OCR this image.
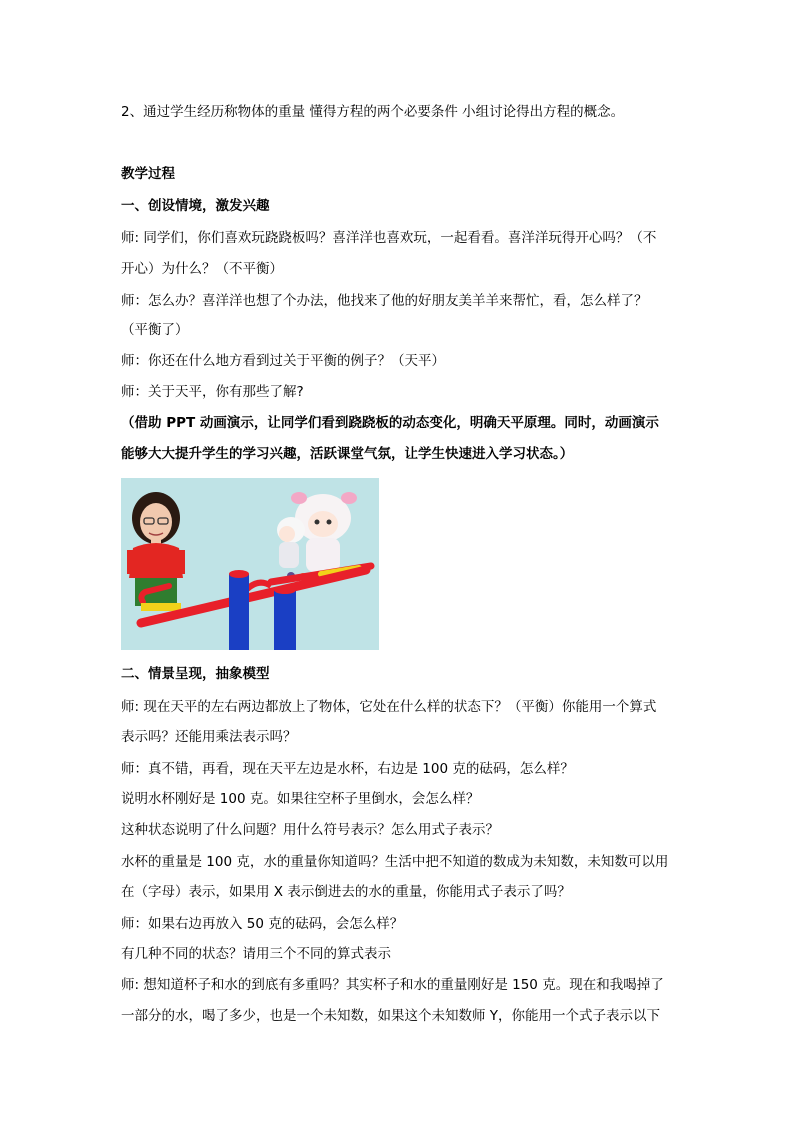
2、通过学生经历称物体的重量 懂得方程的两个必要条件 小组讨论得出方程的概念。
教学过程
一、创设情境，激发兴趣
师: 同学们，你们喜欢玩跷跷板吗？喜洋洋也喜欢玩，一起看看。喜洋洋玩得开心吗？（不
开心）为什么？（不平衡）
师：怎么办？喜洋洋也想了个办法，他找来了他的好朋友美羊羊来帮忙，看，怎么样了？
（平衡了）
师：你还在什么地方看到过关于平衡的例子？（天平）
师：关于天平，你有那些了解?
（借助 PPT 动画演示，让同学们看到跷跷板的动态变化，明确天平原理。同时，动画演示
能够大大提升学生的学习兴趣，活跃课堂气氛，让学生快速进入学习状态。）
二、情景呈现，抽象模型
师: 现在天平的左右两边都放上了物体，它处在什么样的状态下？（平衡）你能用一个算式
表示吗？还能用乘法表示吗？
师：真不错，再看，现在天平左边是水杯，右边是 100 克的砝码，怎么样？
说明水杯刚好是 100 克。如果往空杯子里倒水，会怎么样？
这种状态说明了什么问题？用什么符号表示？怎么用式子表示？
水杯的重量是 100 克，水的重量你知道吗？生活中把不知道的数成为未知数，未知数可以用
在（字母）表示，如果用 X 表示倒进去的水的重量，你能用式子表示了吗？
师：如果右边再放入 50 克的砝码，会怎么样？
有几种不同的状态？请用三个不同的算式表示
师: 想知道杯子和水的到底有多重吗？其实杯子和水的重量刚好是 150 克。现在和我喝掉了
一部分的水，喝了多少，也是一个未知数，如果这个未知数师 Y，你能用一个式子表示以下
